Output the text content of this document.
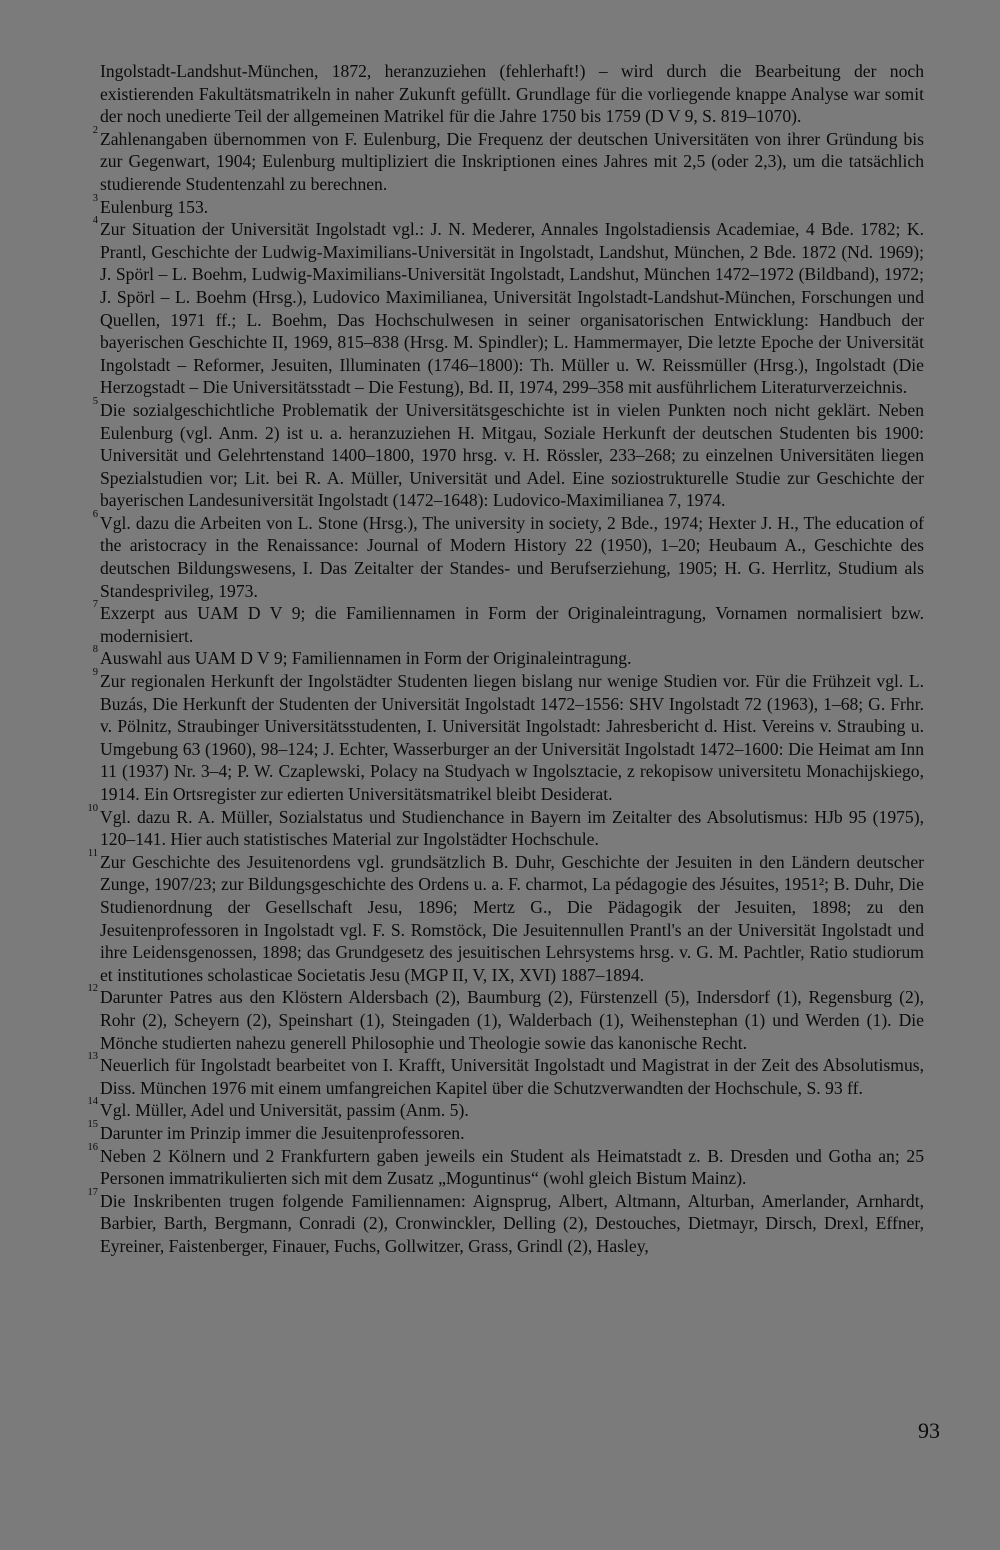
Ingolstadt-Landshut-München, 1872, heranzuziehen (fehlerhaft!) – wird durch die Bearbeitung der noch existierenden Fakultätsmatrikeln in naher Zukunft gefüllt. Grundlage für die vorliegende knappe Analyse war somit der noch unedierte Teil der allgemeinen Matrikel für die Jahre 1750 bis 1759 (D V 9, S. 819–1070).

2 Zahlenangaben übernommen von F. Eulenburg, Die Frequenz der deutschen Universitäten von ihrer Gründung bis zur Gegenwart, 1904; Eulenburg multipliziert die Inskriptionen eines Jahres mit 2,5 (oder 2,3), um die tatsächlich studierende Studentenzahl zu berechnen.

3 Eulenburg 153.

4 Zur Situation der Universität Ingolstadt vgl.: J. N. Mederer, Annales Ingolstadiensis Academiae, 4 Bde. 1782; K. Prantl, Geschichte der Ludwig-Maximilians-Universität in Ingolstadt, Landshut, München, 2 Bde. 1872 (Nd. 1969); J. Spörl – L. Boehm, Ludwig-Maximilians-Universität Ingolstadt, Landshut, München 1472–1972 (Bildband), 1972; J. Spörl – L. Boehm (Hrsg.), Ludovico Maximilianea, Universität Ingolstadt-Landshut-München, Forschungen und Quellen, 1971 ff.; L. Boehm, Das Hochschulwesen in seiner organisatorischen Entwicklung: Handbuch der bayerischen Geschichte II, 1969, 815–838 (Hrsg. M. Spindler); L. Hammermayer, Die letzte Epoche der Universität Ingolstadt – Reformer, Jesuiten, Illuminaten (1746–1800): Th. Müller u. W. Reissmüller (Hrsg.), Ingolstadt (Die Herzogstadt – Die Universitätsstadt – Die Festung), Bd. II, 1974, 299–358 mit ausführlichem Literaturverzeichnis.

5 Die sozialgeschichtliche Problematik der Universitätsgeschichte ist in vielen Punkten noch nicht geklärt. Neben Eulenburg (vgl. Anm. 2) ist u. a. heranzuziehen H. Mitgau, Soziale Herkunft der deutschen Studenten bis 1900: Universität und Gelehrtenstand 1400–1800, 1970 hrsg. v. H. Rössler, 233–268; zu einzelnen Universitäten liegen Spezialstudien vor; Lit. bei R. A. Müller, Universität und Adel. Eine soziostrukturelle Studie zur Geschichte der bayerischen Landesuniversität Ingolstadt (1472–1648): Ludovico-Maximilianea 7, 1974.

6 Vgl. dazu die Arbeiten von L. Stone (Hrsg.), The university in society, 2 Bde., 1974; Hexter J. H., The education of the aristocracy in the Renaissance: Journal of Modern History 22 (1950), 1–20; Heubaum A., Geschichte des deutschen Bildungswesens, I. Das Zeitalter der Standes- und Berufserziehung, 1905; H. G. Herrlitz, Studium als Standesprivileg, 1973.

7 Exzerpt aus UAM D V 9; die Familiennamen in Form der Originaleintragung, Vornamen normalisiert bzw. modernisiert.

8 Auswahl aus UAM D V 9; Familiennamen in Form der Originaleintragung.

9 Zur regionalen Herkunft der Ingolstädter Studenten liegen bislang nur wenige Studien vor. Für die Frühzeit vgl. L. Buzás, Die Herkunft der Studenten der Universität Ingolstadt 1472–1556: SHV Ingolstadt 72 (1963), 1–68; G. Frhr. v. Pölnitz, Straubinger Universitätsstudenten, I. Universität Ingolstadt: Jahresbericht d. Hist. Vereins v. Straubing u. Umgebung 63 (1960), 98–124; J. Echter, Wasserburger an der Universität Ingolstadt 1472–1600: Die Heimat am Inn 11 (1937) Nr. 3–4; P. W. Czaplewski, Polacy na Studyach w Ingolsztacie, z rekopisow universitetu Monachijskiego, 1914. Ein Ortsregister zur edierten Universitätsmatrikel bleibt Desiderat.

10 Vgl. dazu R. A. Müller, Sozialstatus und Studienchance in Bayern im Zeitalter des Absolutismus: HJb 95 (1975), 120–141. Hier auch statistisches Material zur Ingolstädter Hochschule.

11 Zur Geschichte des Jesuitenordens vgl. grundsätzlich B. Duhr, Geschichte der Jesuiten in den Ländern deutscher Zunge, 1907/23; zur Bildungsgeschichte des Ordens u. a. F. charmot, La pédagogie des Jésuites, 1951²; B. Duhr, Die Studienordnung der Gesellschaft Jesu, 1896; Mertz G., Die Pädagogik der Jesuiten, 1898; zu den Jesuitenprofessoren in Ingolstadt vgl. F. S. Romstöck, Die Jesuitennullen Prantl's an der Universität Ingolstadt und ihre Leidensgenossen, 1898; das Grundgesetz des jesuitischen Lehrsystems hrsg. v. G. M. Pachtler, Ratio studiorum et institutiones scholasticae Societatis Jesu (MGP II, V, IX, XVI) 1887–1894.

12 Darunter Patres aus den Klöstern Aldersbach (2), Baumburg (2), Fürstenzell (5), Indersdorf (1), Regensburg (2), Rohr (2), Scheyern (2), Speinshart (1), Steingaden (1), Walderbach (1), Weihenstephan (1) und Werden (1). Die Mönche studierten nahezu generell Philosophie und Theologie sowie das kanonische Recht.

13 Neuerlich für Ingolstadt bearbeitet von I. Krafft, Universität Ingolstadt und Magistrat in der Zeit des Absolutismus, Diss. München 1976 mit einem umfangreichen Kapitel über die Schutzverwandten der Hochschule, S. 93 ff.

14 Vgl. Müller, Adel und Universität, passim (Anm. 5).

15 Darunter im Prinzip immer die Jesuitenprofessoren.

16 Neben 2 Kölnern und 2 Frankfurtern gaben jeweils ein Student als Heimatstadt z. B. Dresden und Gotha an; 25 Personen immatrikulierten sich mit dem Zusatz „Moguntinus“ (wohl gleich Bistum Mainz).

17 Die Inskribenten trugen folgende Familiennamen: Aignsprug, Albert, Altmann, Alturban, Amerlander, Arnhardt, Barbier, Barth, Bergmann, Conradi (2), Cronwinckler, Delling (2), Destouches, Dietmayr, Dirsch, Drexl, Effner, Eyreiner, Faistenberger, Finauer, Fuchs, Gollwitzer, Grass, Grindl (2), Hasley,

93
